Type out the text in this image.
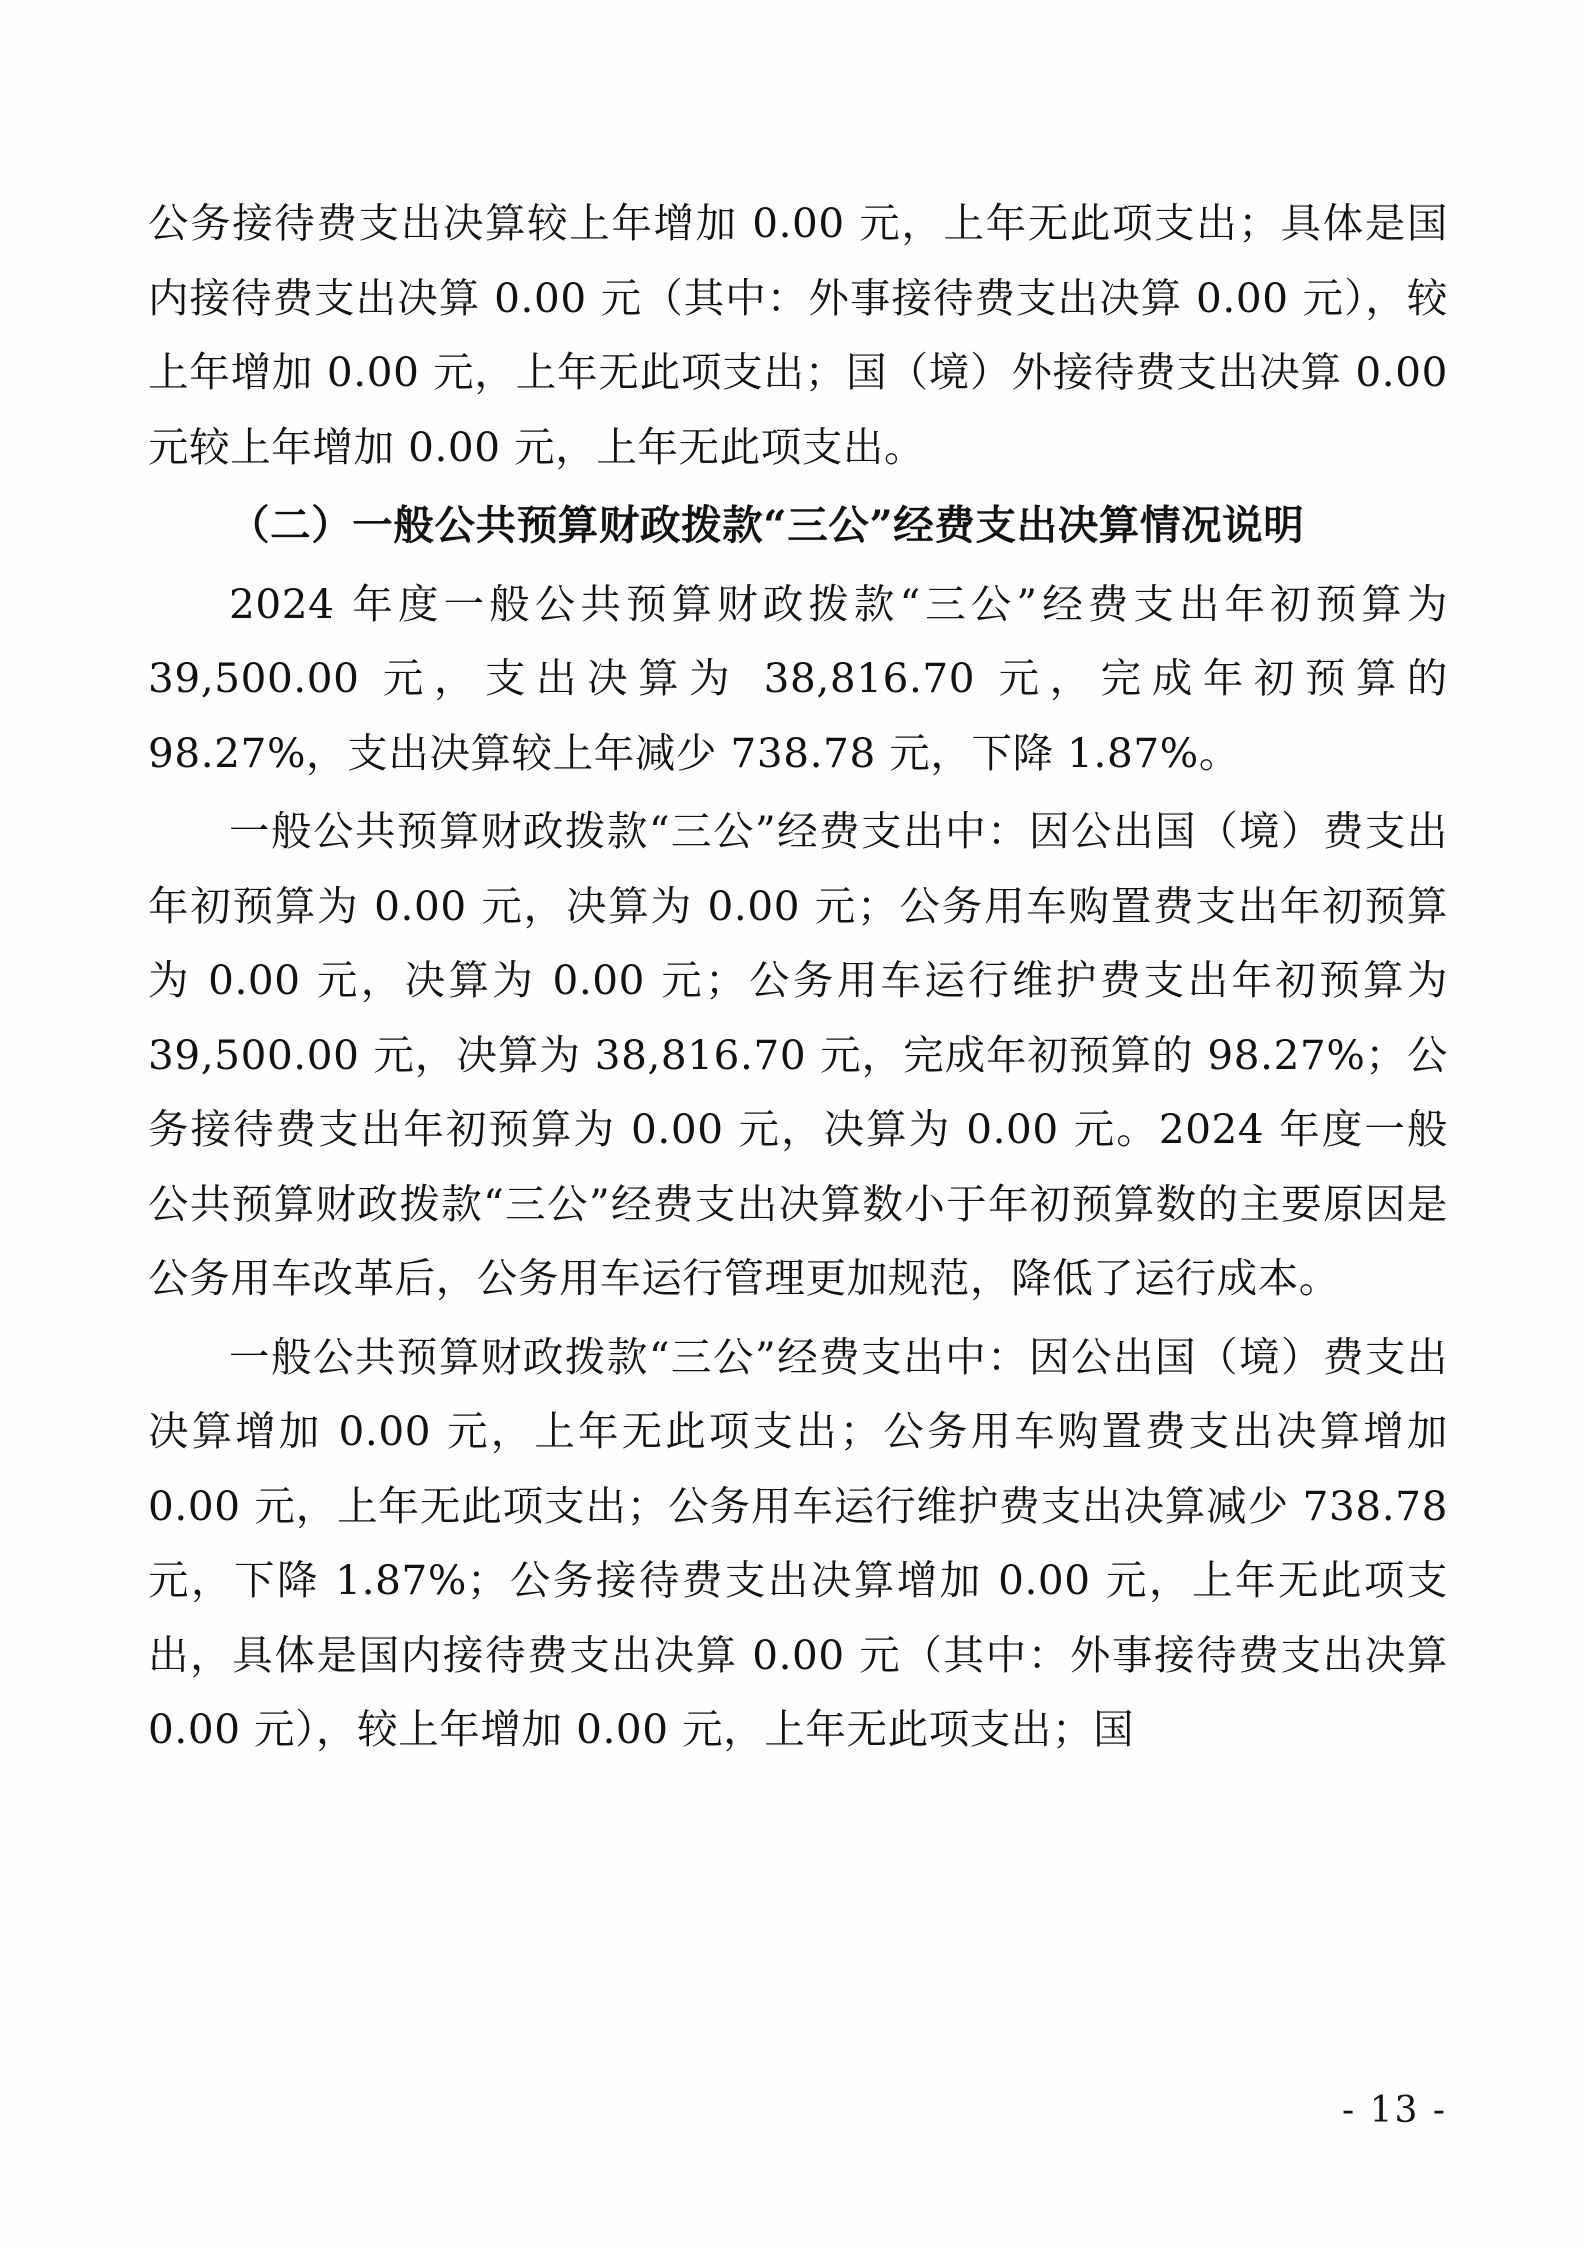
公务接待费支出决算较上年增加 0.00 元，上年无此项支出；具体是国内接待费支出决算 0.00 元（其中：外事接待费支出决算 0.00 元），较上年增加 0.00 元，上年无此项支出；国（境）外接待费支出决算 0.00 元较上年增加 0.00 元，上年无此项支出。

（二）一般公共预算财政拨款“三公”经费支出决算情况说明

2024 年度一般公共预算财政拨款“三公”经费支出年初预算为 39,500.00 元，支出决算为 38,816.70 元，完成年初预算的 98.27%，支出决算较上年减少 738.78 元，下降 1.87%。

一般公共预算财政拨款“三公”经费支出中：因公出国（境）费支出年初预算为 0.00 元，决算为 0.00 元；公务用车购置费支出年初预算为 0.00 元，决算为 0.00 元；公务用车运行维护费支出年初预算为 39,500.00 元，决算为 38,816.70 元，完成年初预算的 98.27%；公务接待费支出年初预算为 0.00 元，决算为 0.00 元。2024 年度一般公共预算财政拨款“三公”经费支出决算数小于年初预算数的主要原因是公务用车改革后，公务用车运行管理更加规范，降低了运行成本。

一般公共预算财政拨款“三公”经费支出中：因公出国（境）费支出决算增加 0.00 元，上年无此项支出；公务用车购置费支出决算增加 0.00 元，上年无此项支出；公务用车运行维护费支出决算减少 738.78 元，下降 1.87%；公务接待费支出决算增加 0.00 元，上年无此项支出，具体是国内接待费支出决算 0.00 元（其中：外事接待费支出决算 0.00 元），较上年增加 0.00 元，上年无此项支出；国

- 13 -
